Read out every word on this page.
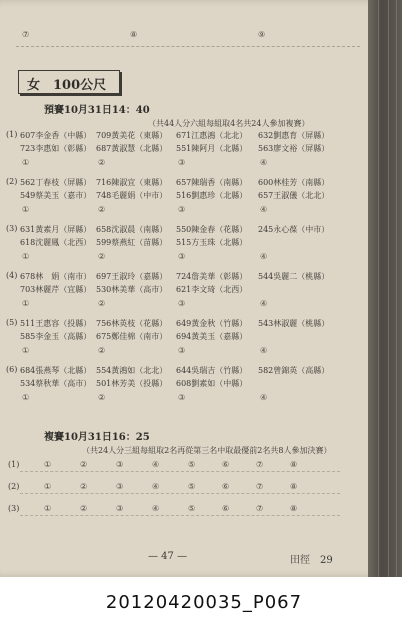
⑦	⑧	⑨
女　100公尺
預賽10月31日14：40
（共44人分六組每組取4名共24人參加複賽）
(1) 607李金香（中縣） 709黃美花（東縣） 671江惠鴻（北北） 632劉惠育（屏縣）
723李惠如（彰縣） 687黃淑慧（北縣） 551陳阿月（北縣） 563廖文裕（屏縣）
①	②	③	④
(2) 562丁春枝（屏縣） 716陳淑宜（東縣） 657陳瑞香（南縣） 600林桂芳（南縣）
549蔡美玉（嘉市） 748毛麗娟（中市） 516劉惠珍（北縣） 657王淑儀（北北）
①	②	③	④
(3) 631黃素月（屏縣） 658沈淑晨（南縣） 550陳金春（花縣） 245永心葆（中市）
618沈麗鳳（北西） 599蔡燕紅（苗縣） 515方玉珠（北縣）
①	②	③	④
(4) 678林　娟（南市） 697王淑玲（嘉縣） 724詹美華（彰縣） 544吳麗二（桃縣）
703林麗芹（宜縣） 530林美華（高市） 621李文琦（北西）
①	②	③	④
(5) 511王惠容（投縣） 756林英枝（花縣） 649黃金秋（竹縣） 543林淑麗（桃縣）
585李金玉（高縣） 675鄭佳棉（南市） 694黃美玉（嘉縣）
①	②	③	④
(6) 684張燕琴（北縣） 554黃鴻如（北北） 644吳瑞吉（竹縣） 582曾錦英（高縣）
534蔡秋華（高市） 501林芳美（投縣） 608劉素如（中縣）
①	②	③	④
複賽10月31日16：25
（共24人分三組每組取2名再從第三名中取最優前2名共8人參加決賽）
(1)	①	②	③	④	⑤	⑥	⑦	⑧
(2)	①	②	③	④	⑤	⑥	⑦	⑧
(3)	①	②	③	④	⑤	⑥	⑦	⑧
— 47 —	田徑　29
20120420035_P067
